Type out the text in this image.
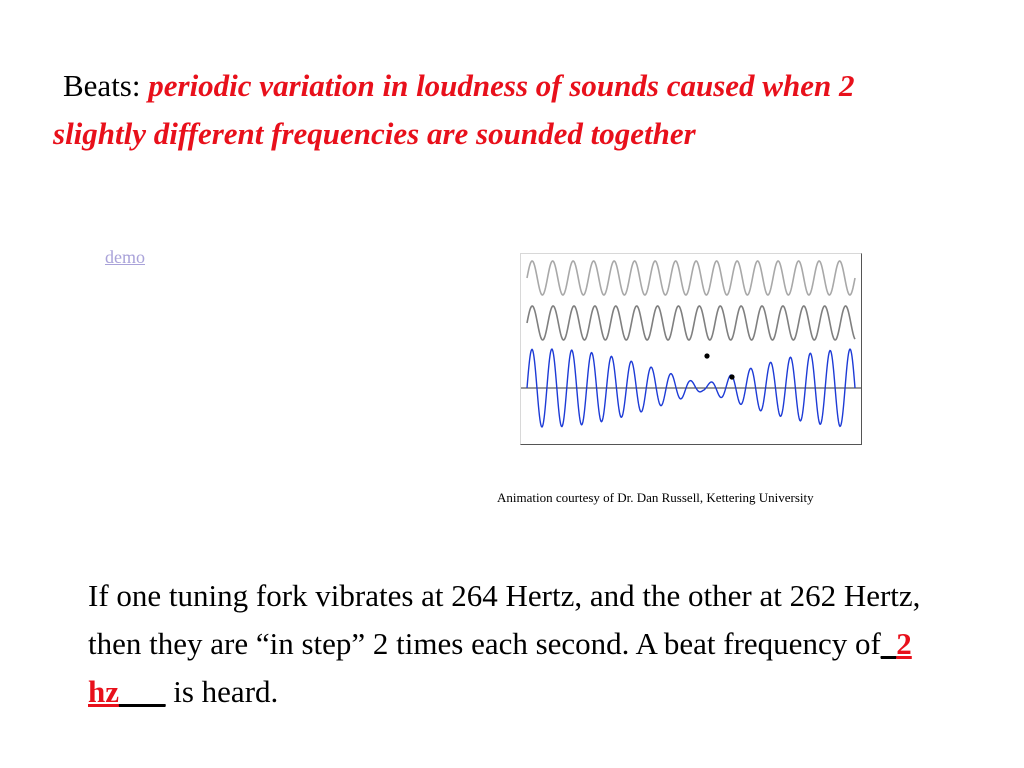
Beats: periodic variation in loudness of sounds caused when 2 slightly different frequencies are sounded together
demo
Animation courtesy of Dr. Dan Russell, Kettering University
If one tuning fork vibrates at 264 Hertz, and the other at 262 Hertz, then they are “in step” 2 times each second. A beat frequency of_2 hz___ is heard.
